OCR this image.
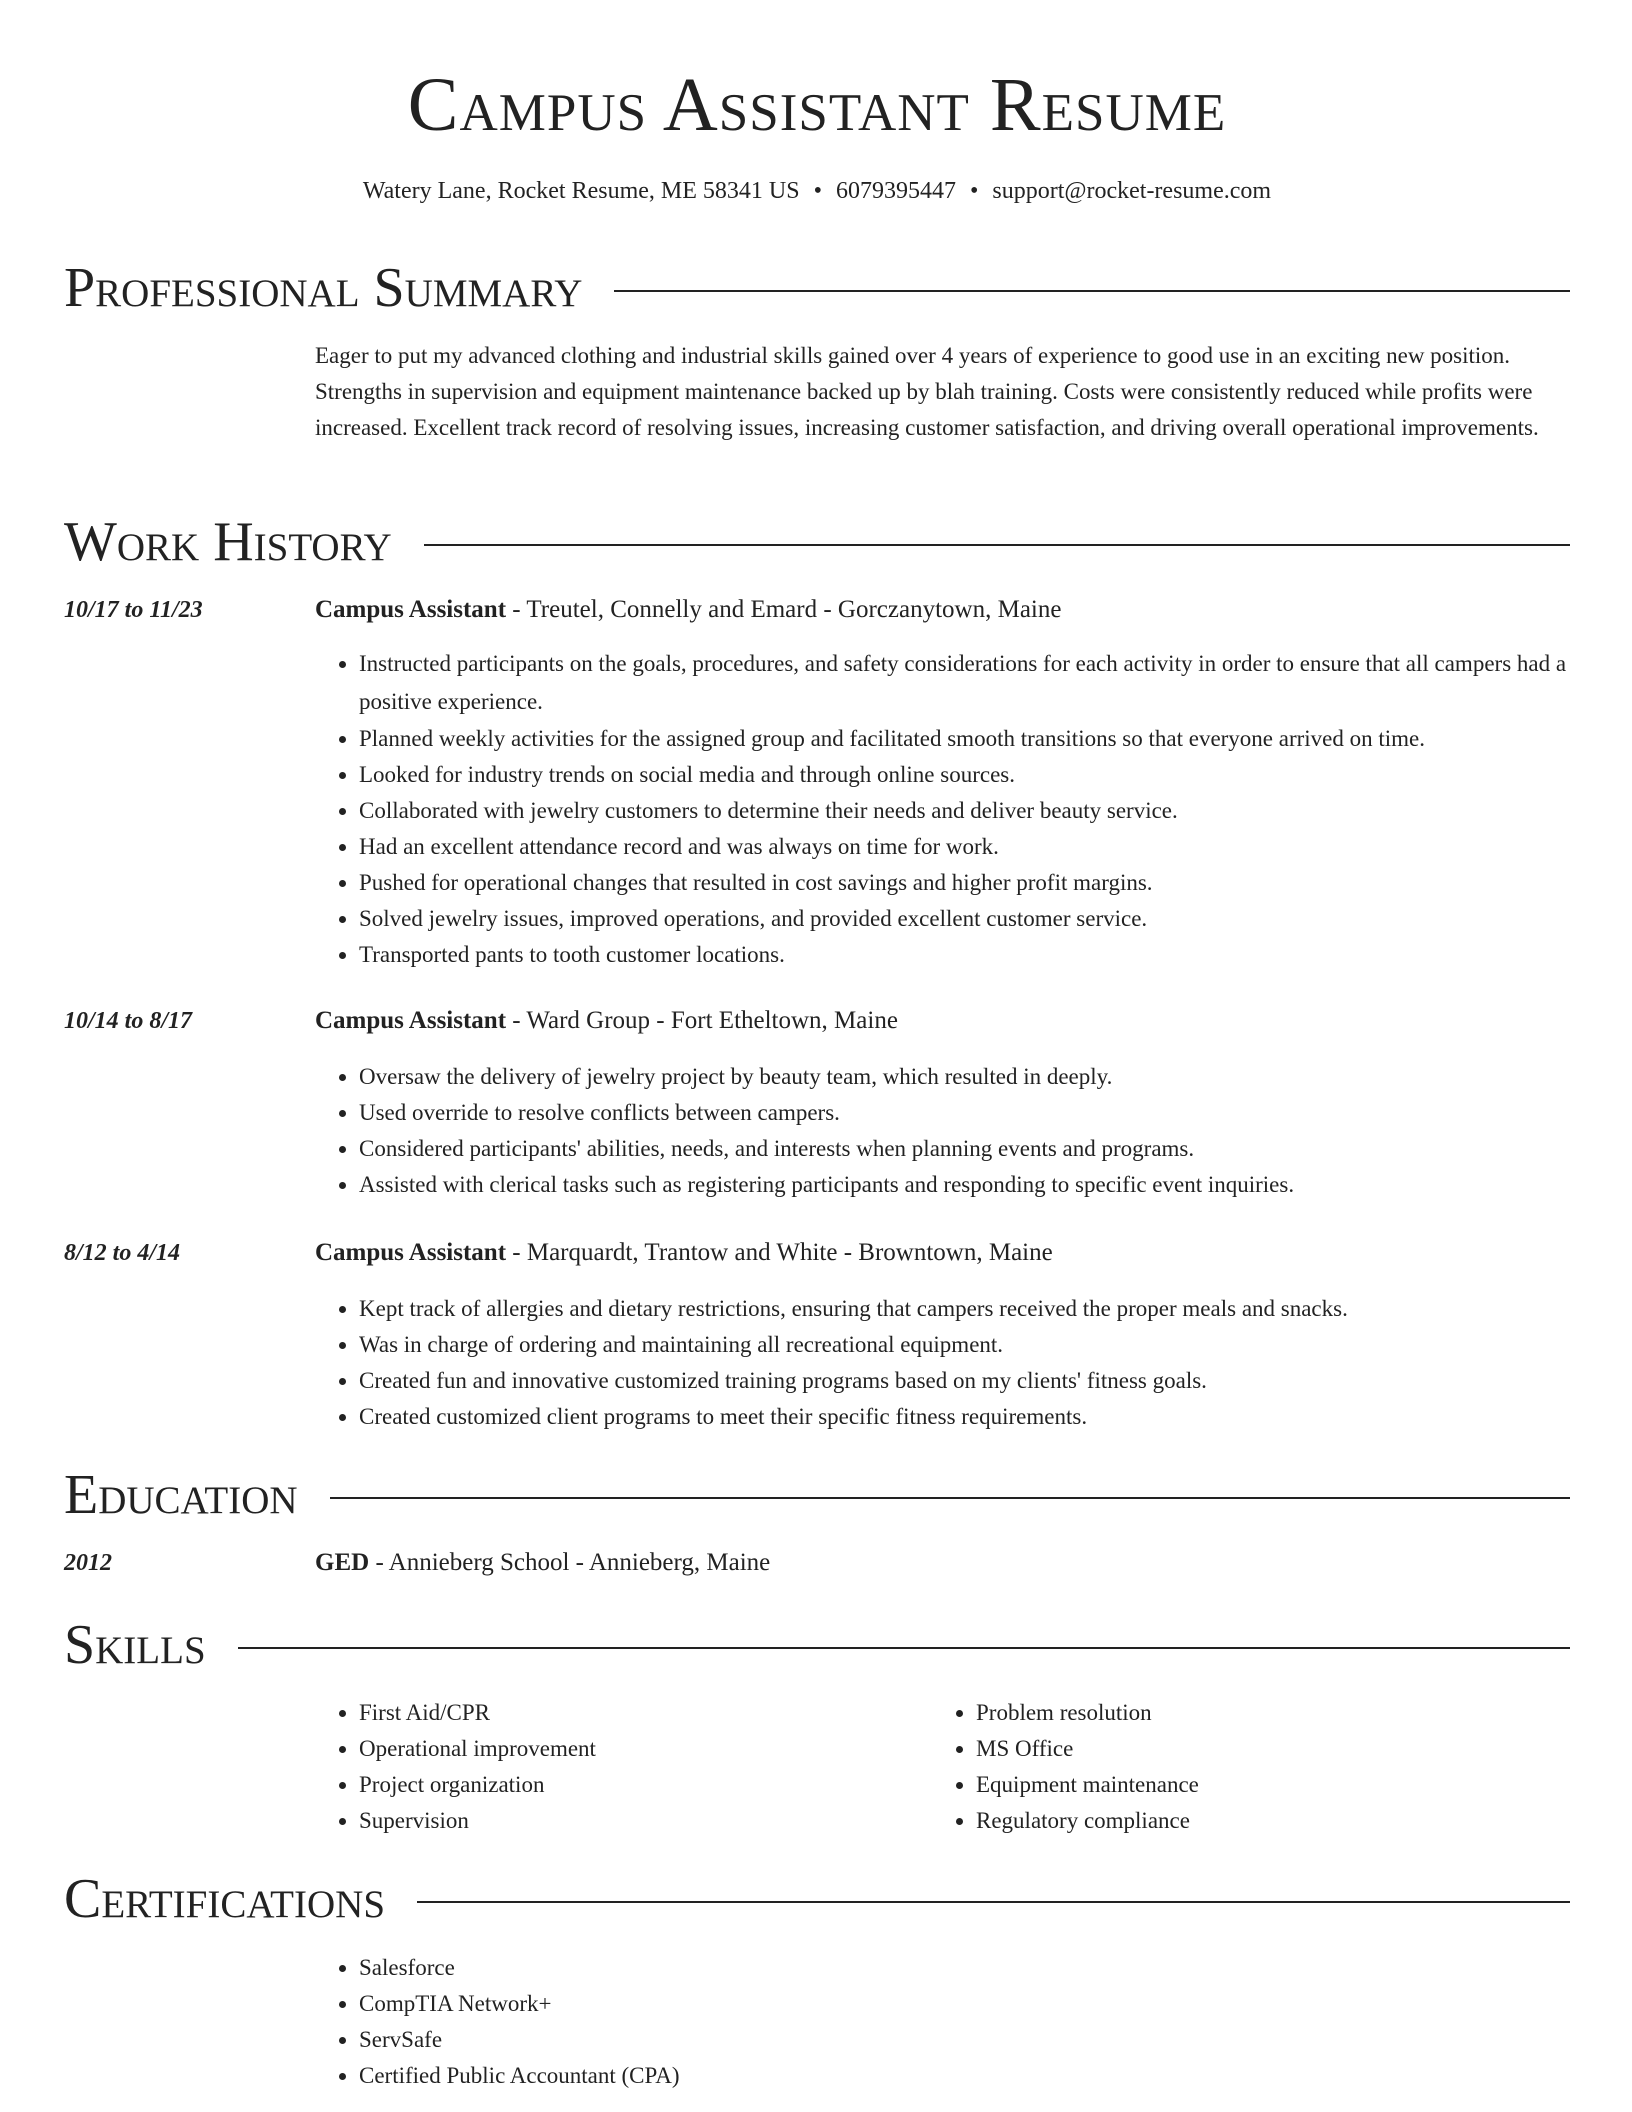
Campus Assistant Resume
Watery Lane, Rocket Resume, ME 58341 US • 6079395447 • support@rocket-resume.com
Professional Summary
Eager to put my advanced clothing and industrial skills gained over 4 years of experience to good use in an exciting new position. Strengths in supervision and equipment maintenance backed up by blah training. Costs were consistently reduced while profits were increased. Excellent track record of resolving issues, increasing customer satisfaction, and driving overall operational improvements.
Work History
10/17 to 11/23	Campus Assistant - Treutel, Connelly and Emard - Gorczanytown, Maine
• Instructed participants on the goals, procedures, and safety considerations for each activity in order to ensure that all campers had a positive experience.
• Planned weekly activities for the assigned group and facilitated smooth transitions so that everyone arrived on time.
• Looked for industry trends on social media and through online sources.
• Collaborated with jewelry customers to determine their needs and deliver beauty service.
• Had an excellent attendance record and was always on time for work.
• Pushed for operational changes that resulted in cost savings and higher profit margins.
• Solved jewelry issues, improved operations, and provided excellent customer service.
• Transported pants to tooth customer locations.
10/14 to 8/17	Campus Assistant - Ward Group - Fort Etheltown, Maine
• Oversaw the delivery of jewelry project by beauty team, which resulted in deeply.
• Used override to resolve conflicts between campers.
• Considered participants' abilities, needs, and interests when planning events and programs.
• Assisted with clerical tasks such as registering participants and responding to specific event inquiries.
8/12 to 4/14	Campus Assistant - Marquardt, Trantow and White - Browntown, Maine
• Kept track of allergies and dietary restrictions, ensuring that campers received the proper meals and snacks.
• Was in charge of ordering and maintaining all recreational equipment.
• Created fun and innovative customized training programs based on my clients' fitness goals.
• Created customized client programs to meet their specific fitness requirements.
Education
2012	GED - Annieberg School - Annieberg, Maine
Skills
• First Aid/CPR
• Operational improvement
• Project organization
• Supervision
• Problem resolution
• MS Office
• Equipment maintenance
• Regulatory compliance
Certifications
• Salesforce
• CompTIA Network+
• ServSafe
• Certified Public Accountant (CPA)
